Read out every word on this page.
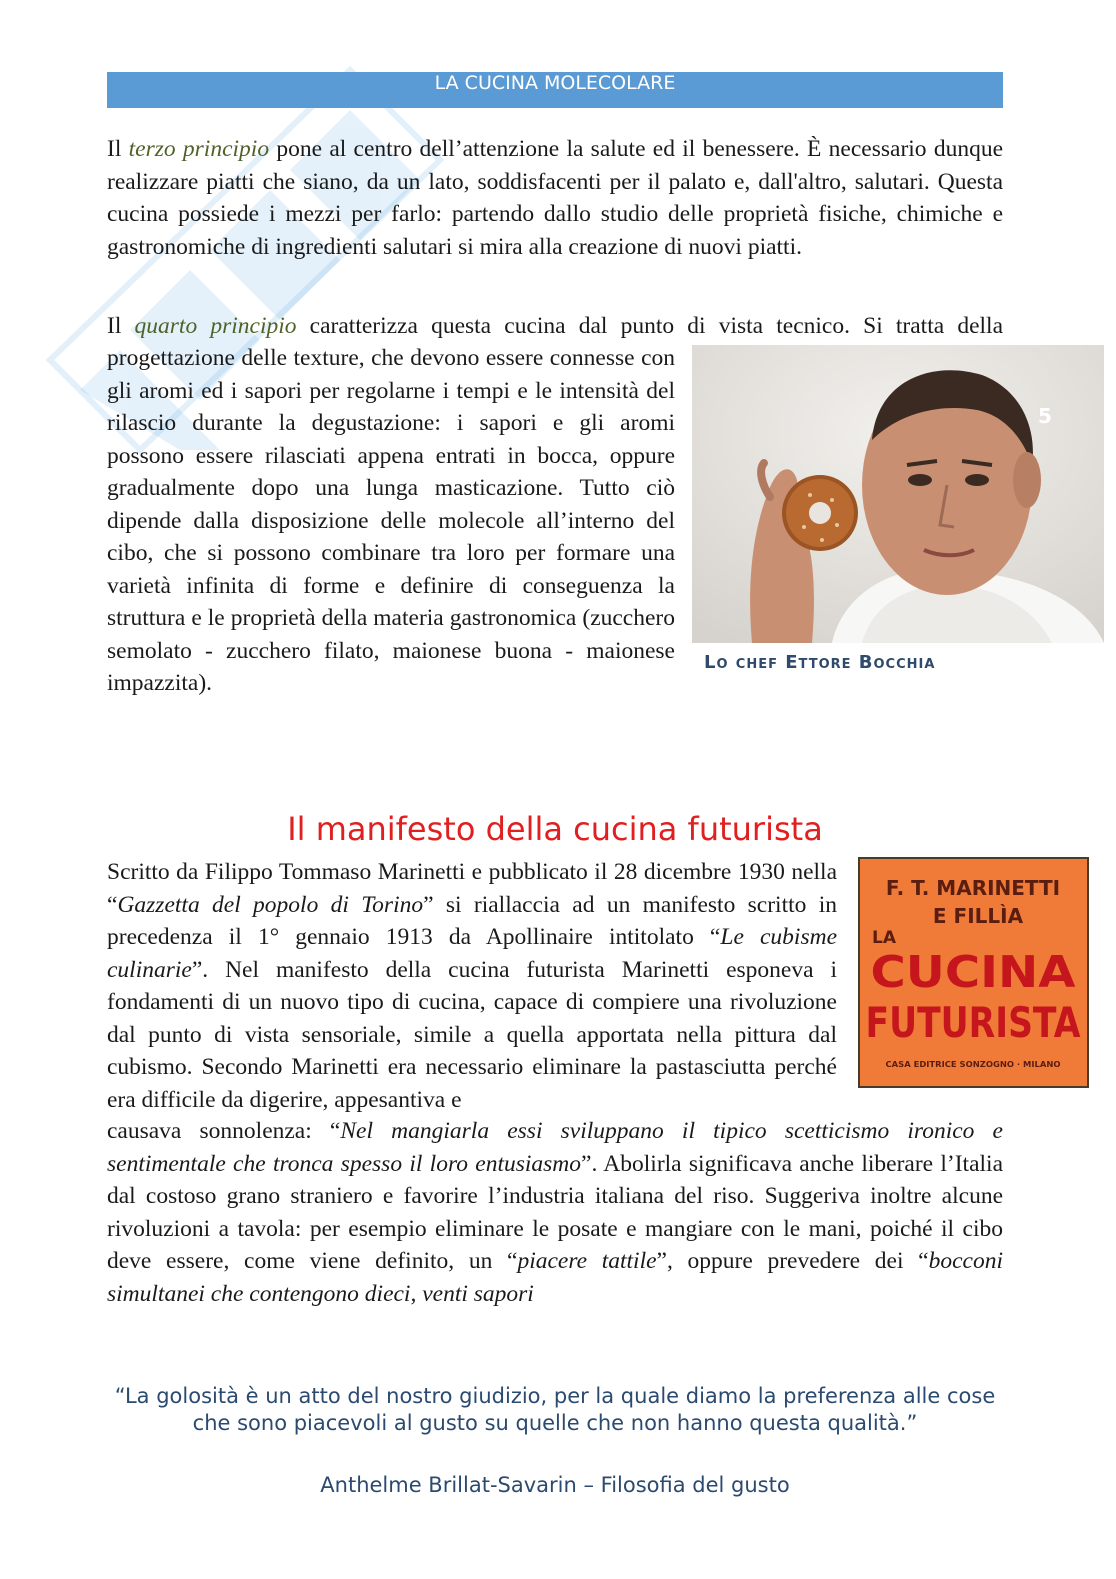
LA CUCINA MOLECOLARE

Il terzo principio pone al centro dell’attenzione la salute ed il benessere. È necessario dunque realizzare piatti che siano, da un lato, soddisfacenti per il palato e, dall'altro, salutari. Questa cucina possiede i mezzi per farlo: partendo dallo studio delle proprietà fisiche, chimiche e gastronomiche di ingredienti salutari si mira alla creazione di nuovi piatti.

Il quarto principio caratterizza questa cucina dal punto di vista tecnico. Si tratta della

progettazione delle texture, che devono essere connesse con gli aromi ed i sapori per regolarne i tempi e le intensità del rilascio durante la degustazione: i sapori e gli aromi possono essere rilasciati appena entrati in bocca, oppure gradualmente dopo una lunga masticazione. Tutto ciò dipende dalla disposizione delle molecole all’interno del cibo, che si possono combinare tra loro per formare una varietà infinita di forme e definire di conseguenza la struttura e le proprietà della materia gastronomica (zucchero semolato - zucchero filato, maionese buona - maionese impazzita).

5
Lo chef Ettore Bocchia
Il manifesto della cucina futurista
F. T. MARINETTI
E FILLÌA
LA
CUCINA
FUTURISTA
CASA EDITRICE SONZOGNO · MILANO

Scritto da Filippo Tommaso Marinetti e pubblicato il 28 dicembre 1930 nella “Gazzetta del popolo di Torino” si riallaccia ad un manifesto scritto in precedenza il 1° gennaio 1913 da Apollinaire intitolato “Le cubisme culinarie”. Nel manifesto della cucina futurista Marinetti esponeva i fondamenti di un nuovo tipo di cucina, capace di compiere una rivoluzione dal punto di vista sensoriale, simile a quella apportata nella pittura dal cubismo. Secondo Marinetti era necessario eliminare la pastasciutta perché era difficile da digerire, appesantiva e

causava sonnolenza: “Nel mangiarla essi sviluppano il tipico scetticismo ironico e sentimentale che tronca spesso il loro entusiasmo”. Abolirla significava anche liberare l’Italia dal costoso grano straniero e favorire l’industria italiana del riso. Suggeriva inoltre alcune rivoluzioni a tavola: per esempio eliminare le posate e mangiare con le mani, poiché il cibo deve essere, come viene definito, un “piacere tattile”, oppure prevedere dei “bocconi simultanei che contengono dieci, venti sapori

“La golosità è un atto del nostro giudizio, per la quale diamo la preferenza alle cose che sono piacevoli al gusto su quelle che non hanno questa qualità.”
Anthelme Brillat-Savarin – Filosofia del gusto
